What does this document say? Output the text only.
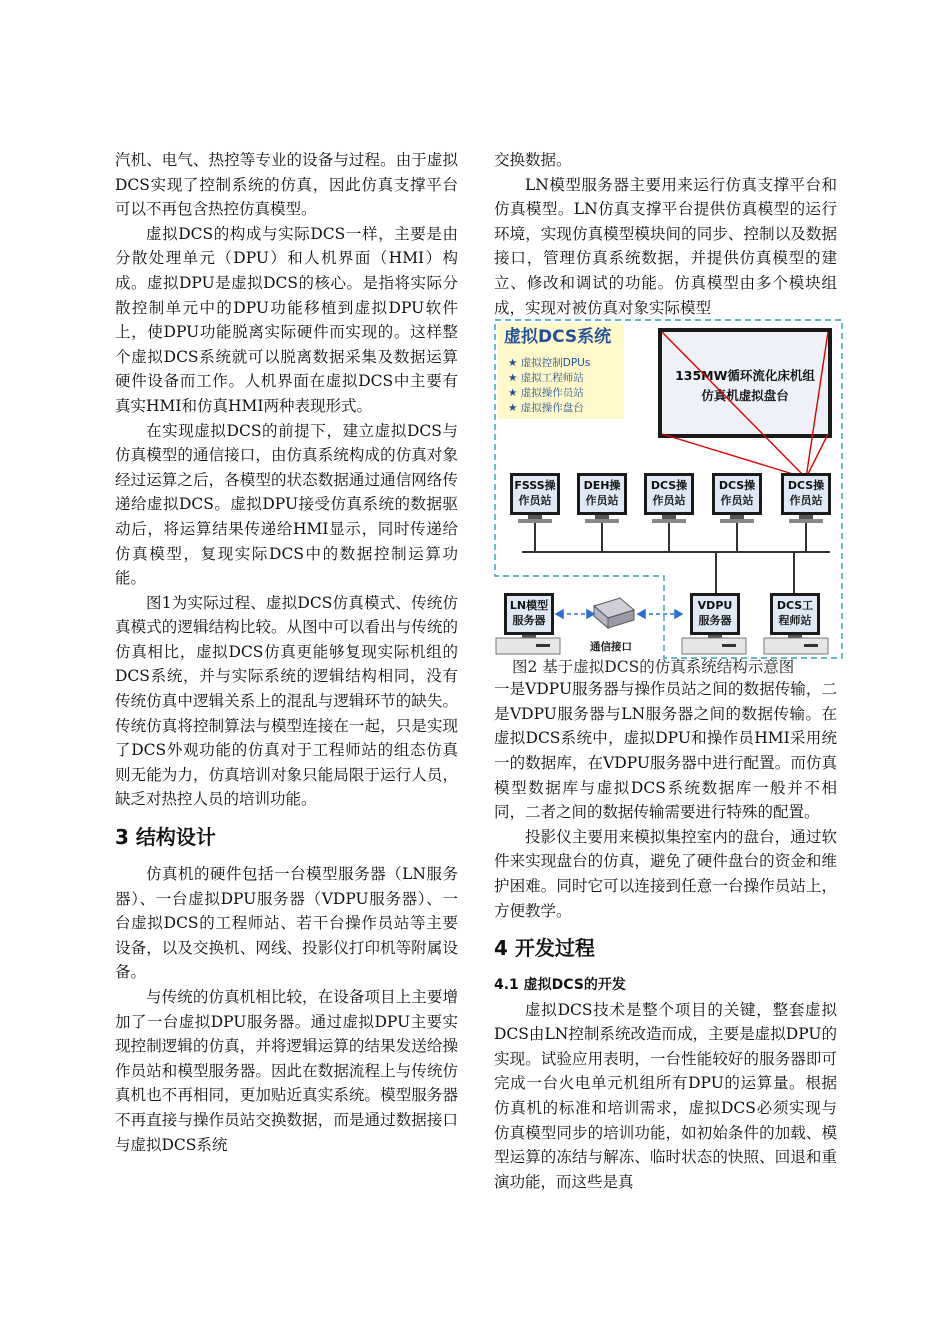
汽机、电气、热控等专业的设备与过程。由于虚拟DCS实现了控制系统的仿真，因此仿真支撑平台可以不再包含热控仿真模型。

虚拟DCS的构成与实际DCS一样，主要是由分散处理单元（DPU）和人机界面（HMI）构成。虚拟DPU是虚拟DCS的核心。是指将实际分散控制单元中的DPU功能移植到虚拟DPU软件上，使DPU功能脱离实际硬件而实现的。这样整个虚拟DCS系统就可以脱离数据采集及数据运算硬件设备而工作。人机界面在虚拟DCS中主要有真实HMI和仿真HMI两种表现形式。

在实现虚拟DCS的前提下，建立虚拟DCS与仿真模型的通信接口，由仿真系统构成的仿真对象经过运算之后，各模型的状态数据通过通信网络传递给虚拟DCS。虚拟DPU接受仿真系统的数据驱动后，将运算结果传递给HMI显示，同时传递给仿真模型，复现实际DCS中的数据控制运算功能。

图1为实际过程、虚拟DCS仿真模式、传统仿真模式的逻辑结构比较。从图中可以看出与传统的仿真相比，虚拟DCS仿真更能够复现实际机组的DCS系统，并与实际系统的逻辑结构相同，没有传统仿真中逻辑关系上的混乱与逻辑环节的缺失。传统仿真将控制算法与模型连接在一起，只是实现了DCS外观功能的仿真对于工程师站的组态仿真则无能为力，仿真培训对象只能局限于运行人员，缺乏对热控人员的培训功能。

3 结构设计

仿真机的硬件包括一台模型服务器（LN服务器）、一台虚拟DPU服务器（VDPU服务器）、一台虚拟DCS的工程师站、若干台操作员站等主要设备，以及交换机、网线、投影仪打印机等附属设备。

与传统的仿真机相比较，在设备项目上主要增加了一台虚拟DPU服务器。通过虚拟DPU主要实现控制逻辑的仿真，并将逻辑运算的结果发送给操作员站和模型服务器。因此在数据流程上与传统仿真机也不再相同，更加贴近真实系统。模型服务器不再直接与操作员站交换数据，而是通过数据接口与虚拟DCS系统

交换数据。

LN模型服务器主要用来运行仿真支撑平台和仿真模型。LN仿真支撑平台提供仿真模型的运行环境，实现仿真模型模块间的同步、控制以及数据接口，管理仿真系统数据，并提供仿真模型的建立、修改和调试的功能。仿真模型由多个模块组成，实现对被仿真对象实际模型

一是VDPU服务器与操作员站之间的数据传输，二是VDPU服务器与LN服务器之间的数据传输。在虚拟DCS系统中，虚拟DPU和操作员HMI采用统一的数据库，在VDPU服务器中进行配置。而仿真模型数据库与虚拟DCS系统数据库一般并不相同，二者之间的数据传输需要进行特殊的配置。

投影仪主要用来模拟集控室内的盘台，通过软件来实现盘台的仿真，避免了硬件盘台的资金和维护困难。同时它可以连接到任意一台操作员站上，方便教学。

4 开发过程
4.1 虚拟DCS的开发

虚拟DCS技术是整个项目的关键，整套虚拟DCS由LN控制系统改造而成，主要是虚拟DPU的实现。试验应用表明，一台性能较好的服务器即可完成一台火电单元机组所有DPU的运算量。根据仿真机的标准和培训需求，虚拟DCS必须实现与仿真模型同步的培训功能，如初始条件的加载、模型运算的冻结与解冻、临时状态的快照、回退和重演功能，而这些是真

虚拟DCS系统
★ 虚拟控制DPUs
★ 虚拟工程师站
★ 虚拟操作员站
★ 虚拟操作盘台
135MW循环流化床机组
仿真机虚拟盘台
FSSS操
作员站
DEH操
作员站
DCS操
作员站
DCS操
作员站
DCS操
作员站
LN模型
服务器
通信接口
VDPU
服务器
DCS工
程师站
图2 基于虚拟DCS的仿真系统结构示意图
